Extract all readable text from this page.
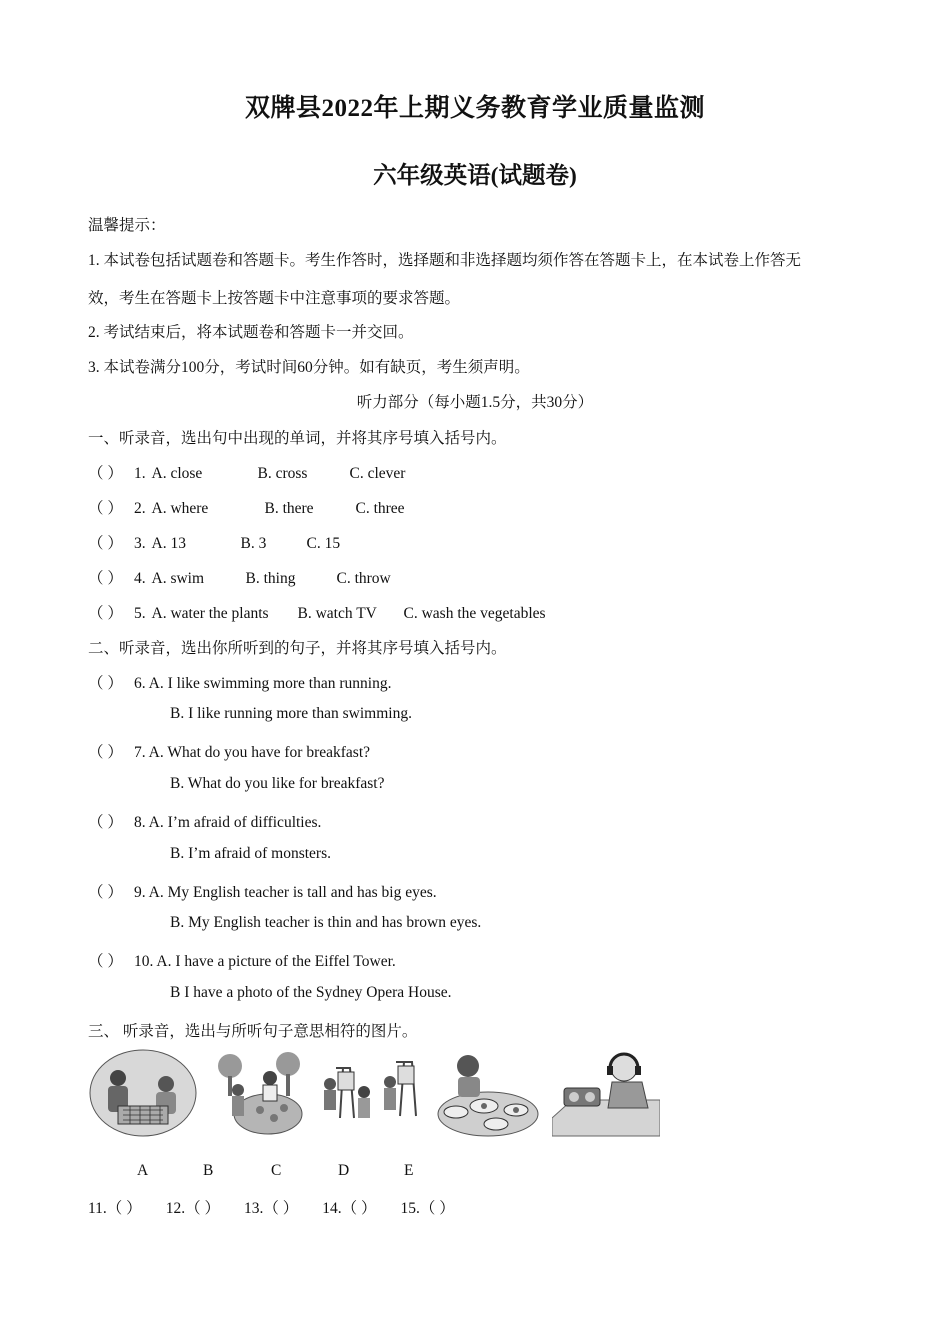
双牌县2022年上期义务教育学业质量监测
六年级英语(试题卷)
温馨提示：
1. 本试卷包括试题卷和答题卡。考生作答时，选择题和非选择题均须作答在答题卡上，在本试卷上作答无
效，考生在答题卡上按答题卡中注意事项的要求答题。
2. 考试结束后，将本试题卷和答题卡一并交回。
3. 本试卷满分100分，考试时间60分钟。如有缺页，考生须声明。
听力部分（每小题1.5分，共30分）
一、听录音，选出句中出现的单词，并将其序号填入括号内。
（ ） 1. A. close	B. cross	C. clever
（ ） 2. A. where	B. there	C. three
（ ） 3. A. 13	B. 3	C. 15
（ ） 4. A. swim	B. thing	C. throw
（ ） 5. A. water the plants B. watch TV C. wash the vegetables
二、听录音，选出你所听到的句子，并将其序号填入括号内。
（ ） 6. A. I like swimming more than running.
B. I like running more than swimming.
（ ） 7. A. What do you have for breakfast?
B. What do you like for breakfast?
（ ） 8. A. I’m afraid of difficulties.
B. I’m afraid of monsters.
（ ） 9. A. My English teacher is tall and has big eyes.
B. My English teacher is thin and has brown eyes.
（ ） 10. A. I have a picture of the Eiffel Tower.
B I have a photo of the Sydney Opera House.
三、 听录音，选出与所听句子意思相符的图片。
A	B	C	D	E
11.（ ） 12.（ ） 13.（ ） 14.（ ） 15.（ ）
